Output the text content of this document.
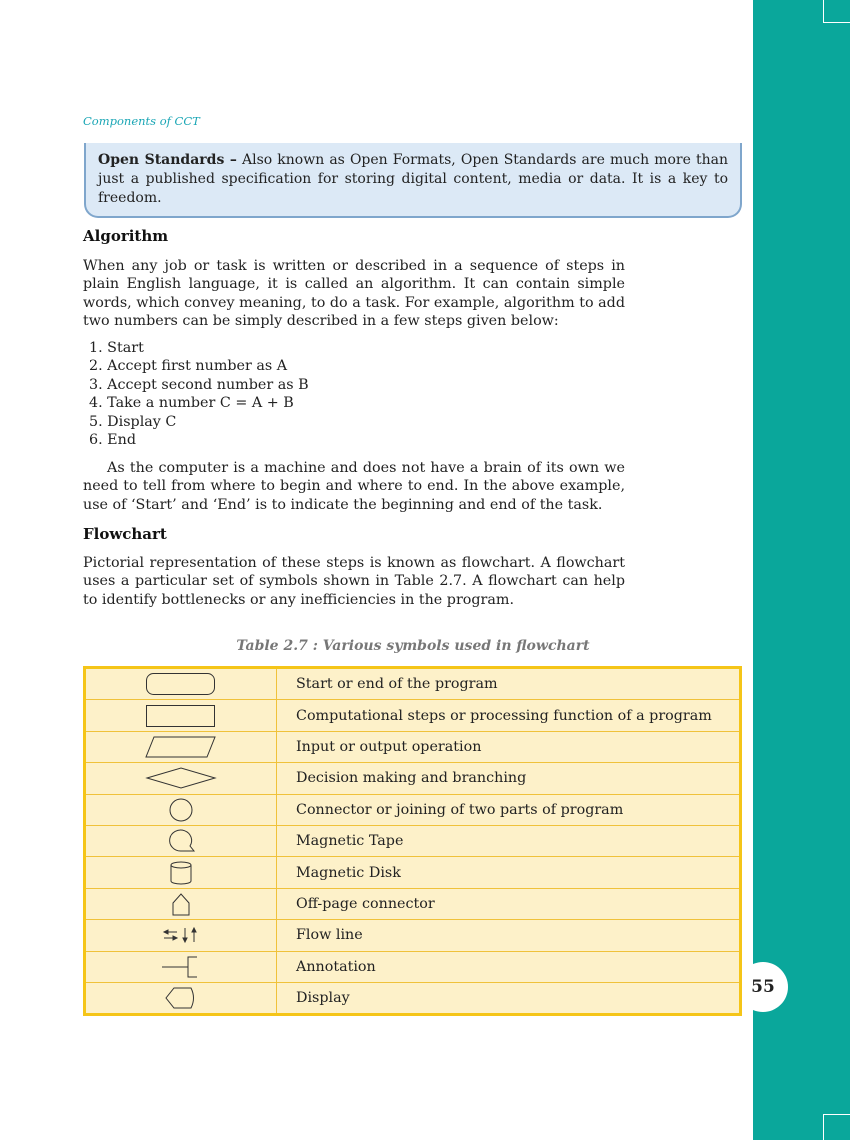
55
Components of CCT
Open Standards – Also known as Open Formats, Open Standards are much more than just a published specification for storing digital content, media or data. It is a key to freedom.
Algorithm

When any job or task is written or described in a sequence of steps in plain English language, it is called an algorithm. It can contain simple words, which convey meaning, to do a task. For example, algorithm to add two numbers can be simply described in a few steps given below:

1. Start
2. Accept first number as A
3. Accept second number as B
4. Take a number C = A + B
5. Display C
6. End

As the computer is a machine and does not have a brain of its own we need to tell from where to begin and where to end. In the above example, use of ‘Start’ and ‘End’ is to indicate the beginning and end of the task.

Flowchart

Pictorial representation of these steps is known as flowchart. A flowchart uses a particular set of symbols shown in Table 2.7. A flowchart can help to identify bottlenecks or any inefficiencies in the program.

Table 2.7 : Various symbols used in flowchart
	Start or end of the program

	Computational steps or processing function of a program

	Input or output operation

	Decision making and branching

	Connector or joining of two parts of program

	Magnetic Tape

	Magnetic Disk

	Off-page connector

	Flow line

	Annotation

	Display
